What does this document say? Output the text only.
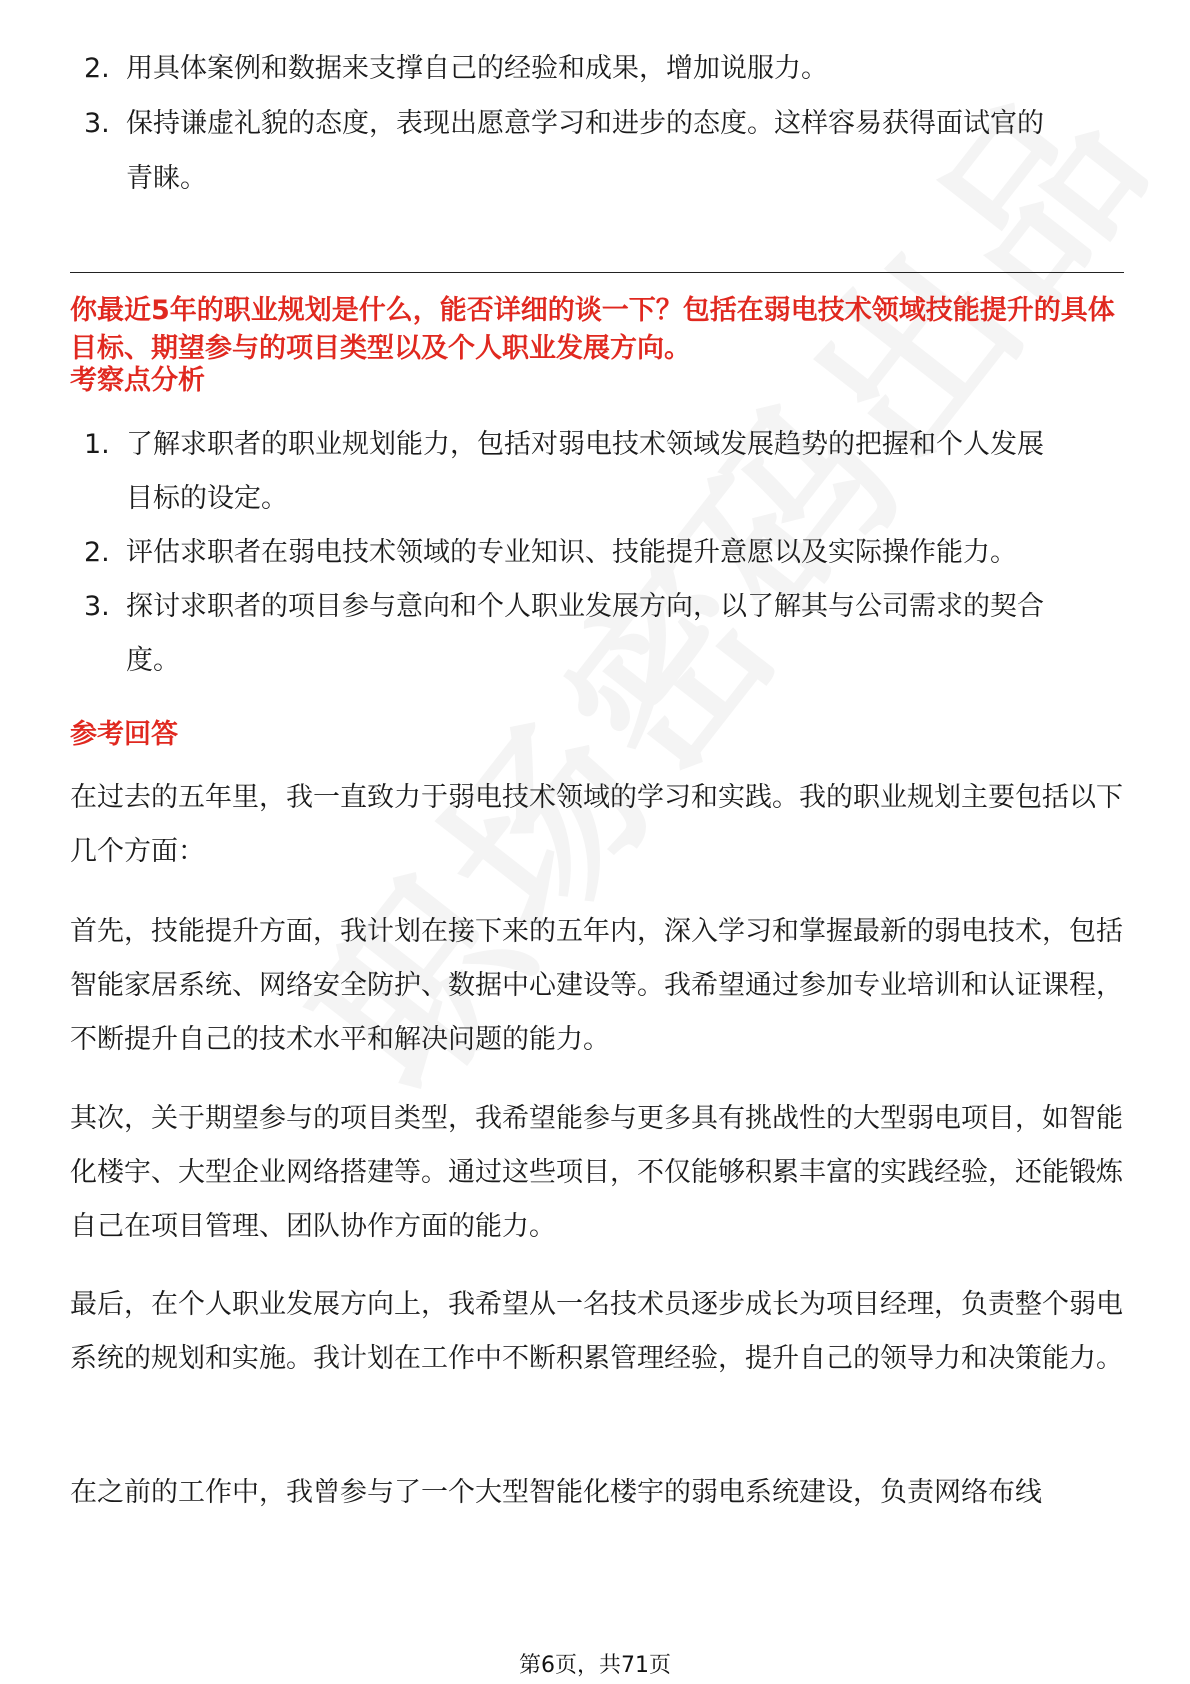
2. 用具体案例和数据来支撑自己的经验和成果，增加说服力。
3. 保持谦虚礼貌的态度，表现出愿意学习和进步的态度。这样容易获得面试官的
青睐。
你最近5年的职业规划是什么，能否详细的谈一下？包括在弱电技术领域技能提升的具体目标、期望参与的项目类型以及个人职业发展方向。
考察点分析
1. 了解求职者的职业规划能力，包括对弱电技术领域发展趋势的把握和个人发展
目标的设定。
2. 评估求职者在弱电技术领域的专业知识、技能提升意愿以及实际操作能力。
3. 探讨求职者的项目参与意向和个人职业发展方向，以了解其与公司需求的契合
度。
参考回答
在过去的五年里，我一直致力于弱电技术领域的学习和实践。我的职业规划主要包括以下几个方面：
首先，技能提升方面，我计划在接下来的五年内，深入学习和掌握最新的弱电技术，包括智能家居系统、网络安全防护、数据中心建设等。我希望通过参加专业培训和认证课程，不断提升自己的技术水平和解决问题的能力。
其次，关于期望参与的项目类型，我希望能参与更多具有挑战性的大型弱电项目，如智能化楼宇、大型企业网络搭建等。通过这些项目，不仅能够积累丰富的实践经验，还能锻炼自己在项目管理、团队协作方面的能力。
最后，在个人职业发展方向上，我希望从一名技术员逐步成长为项目经理，负责整个弱电系统的规划和实施。我计划在工作中不断积累管理经验，提升自己的领导力和决策能力。
在之前的工作中，我曾参与了一个大型智能化楼宇的弱电系统建设，负责网络布线
第6页，共71页
